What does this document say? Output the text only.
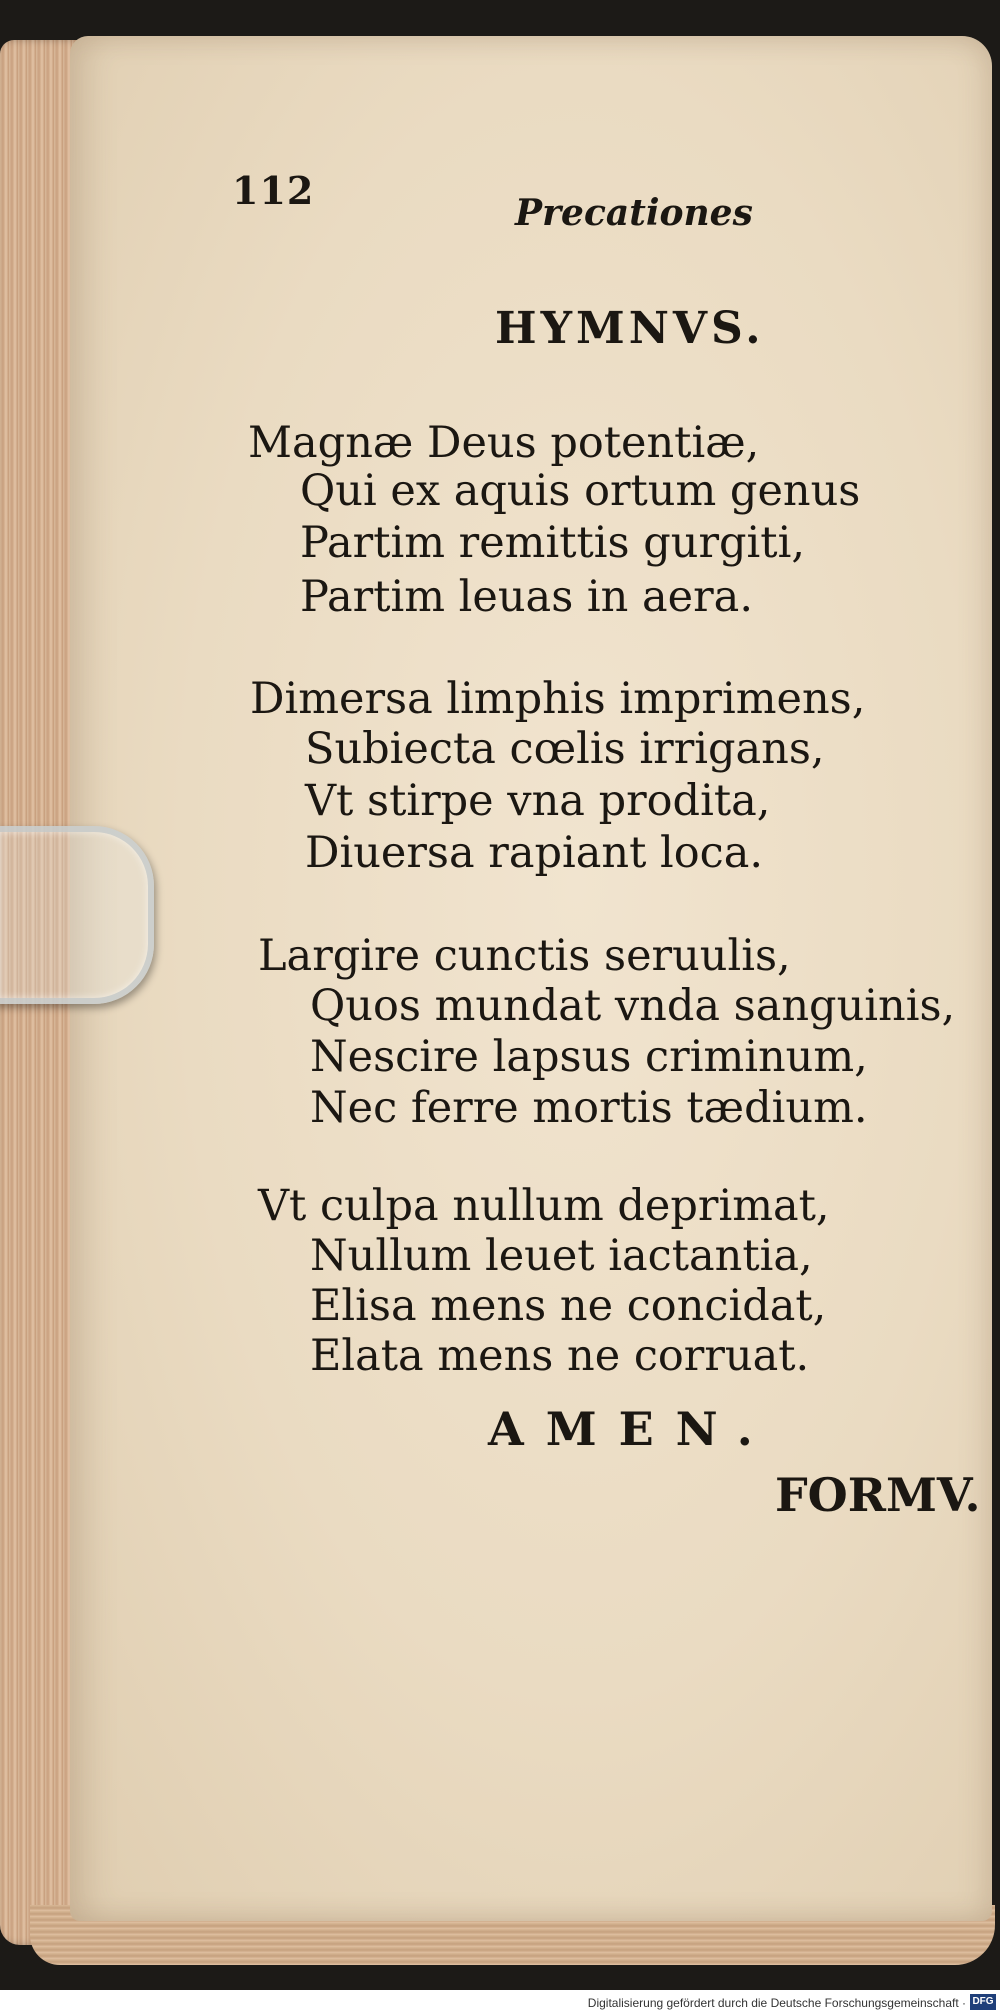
112	Precationes
HYMNVS.
Magnæ Deus potentiæ,
Qui ex aquis ortum genus
Partim remittis gurgiti,
Partim leuas in aera.
Dimersa limphis imprimens,
Subiecta cœlis irrigans,
Vt stirpe vna prodita,
Diuersa rapiant loca.
Largire cunctis seruulis,
Quos mundat vnda sanguinis,
Nescire lapsus criminum,
Nec ferre mortis tædium.
Vt culpa nullum deprimat,
Nullum leuet iactantia,
Elisa mens ne concidat,
Elata mens ne corruat.
AMEN.
FORMV.
Digitalisierung gefördert durch die Deutsche Forschungsgemeinschaft · DFG
